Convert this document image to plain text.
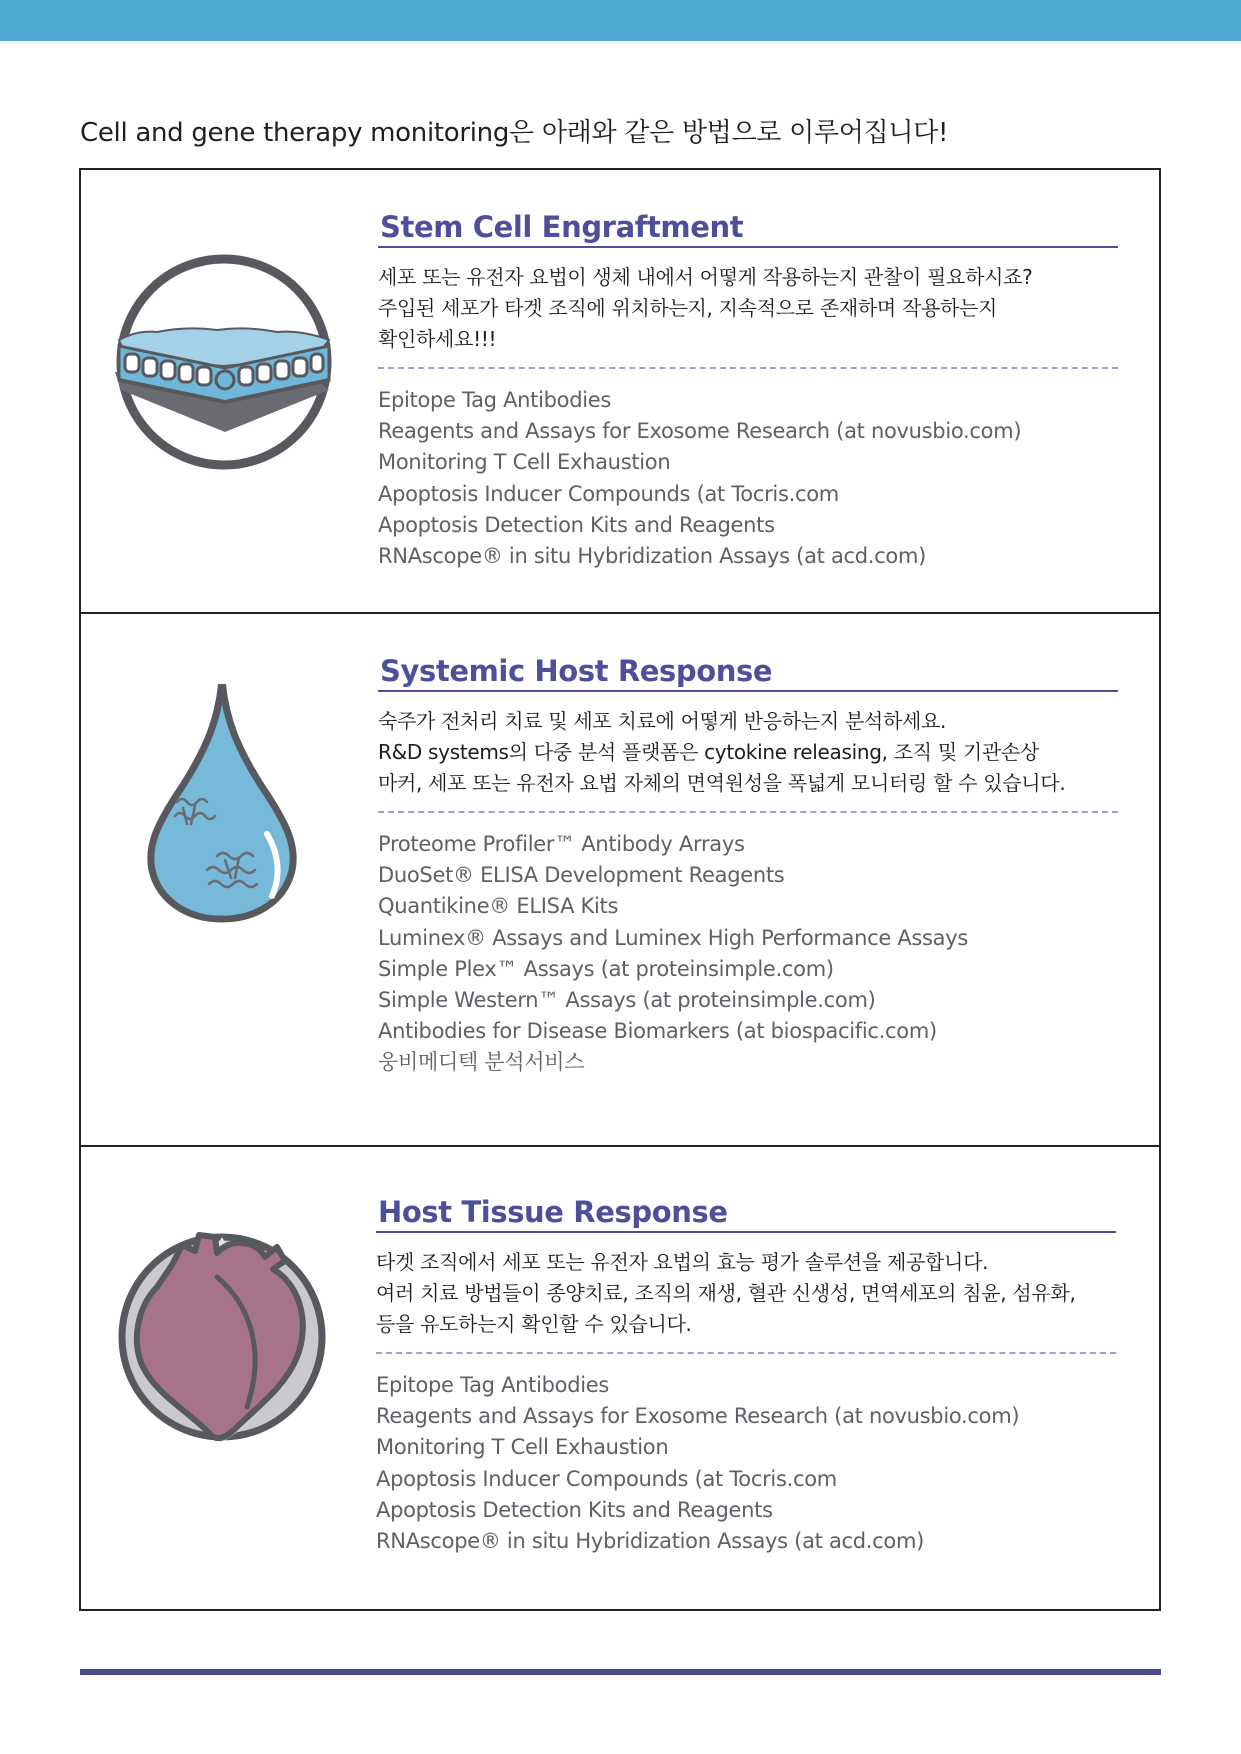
Cell and gene therapy monitoring은 아래와 같은 방법으로 이루어집니다!
Stem Cell Engraftment
세포 또는 유전자 요법이 생체 내에서 어떻게 작용하는지 관찰이 필요하시죠?
주입된 세포가 타겟 조직에 위치하는지, 지속적으로 존재하며 작용하는지
확인하세요!!!
Epitope Tag Antibodies
Reagents and Assays for Exosome Research (at novusbio.com)
Monitoring T Cell Exhaustion
Apoptosis Inducer Compounds (at Tocris.com
Apoptosis Detection Kits and Reagents
RNAscope® in situ Hybridization Assays (at acd.com)
Systemic Host Response
숙주가 전처리 치료 및 세포 치료에 어떻게 반응하는지 분석하세요.
R&D systems의 다중 분석 플랫폼은 cytokine releasing, 조직 및 기관손상
마커, 세포 또는 유전자 요법 자체의 면역원성을 폭넓게 모니터링 할 수 있습니다.
Proteome Profiler™ Antibody Arrays
DuoSet® ELISA Development Reagents
Quantikine® ELISA Kits
Luminex® Assays and Luminex High Performance Assays
Simple Plex™ Assays (at proteinsimple.com)
Simple Western™ Assays (at proteinsimple.com)
Antibodies for Disease Biomarkers (at biospacific.com)
웅비메디텍 분석서비스
Host Tissue Response
타겟 조직에서 세포 또는 유전자 요법의 효능 평가 솔루션을 제공합니다.
여러 치료 방법들이 종양치료, 조직의 재생, 혈관 신생성, 면역세포의 침윤, 섬유화,
등을 유도하는지 확인할 수 있습니다.
Epitope Tag Antibodies
Reagents and Assays for Exosome Research (at novusbio.com)
Monitoring T Cell Exhaustion
Apoptosis Inducer Compounds (at Tocris.com
Apoptosis Detection Kits and Reagents
RNAscope® in situ Hybridization Assays (at acd.com)
